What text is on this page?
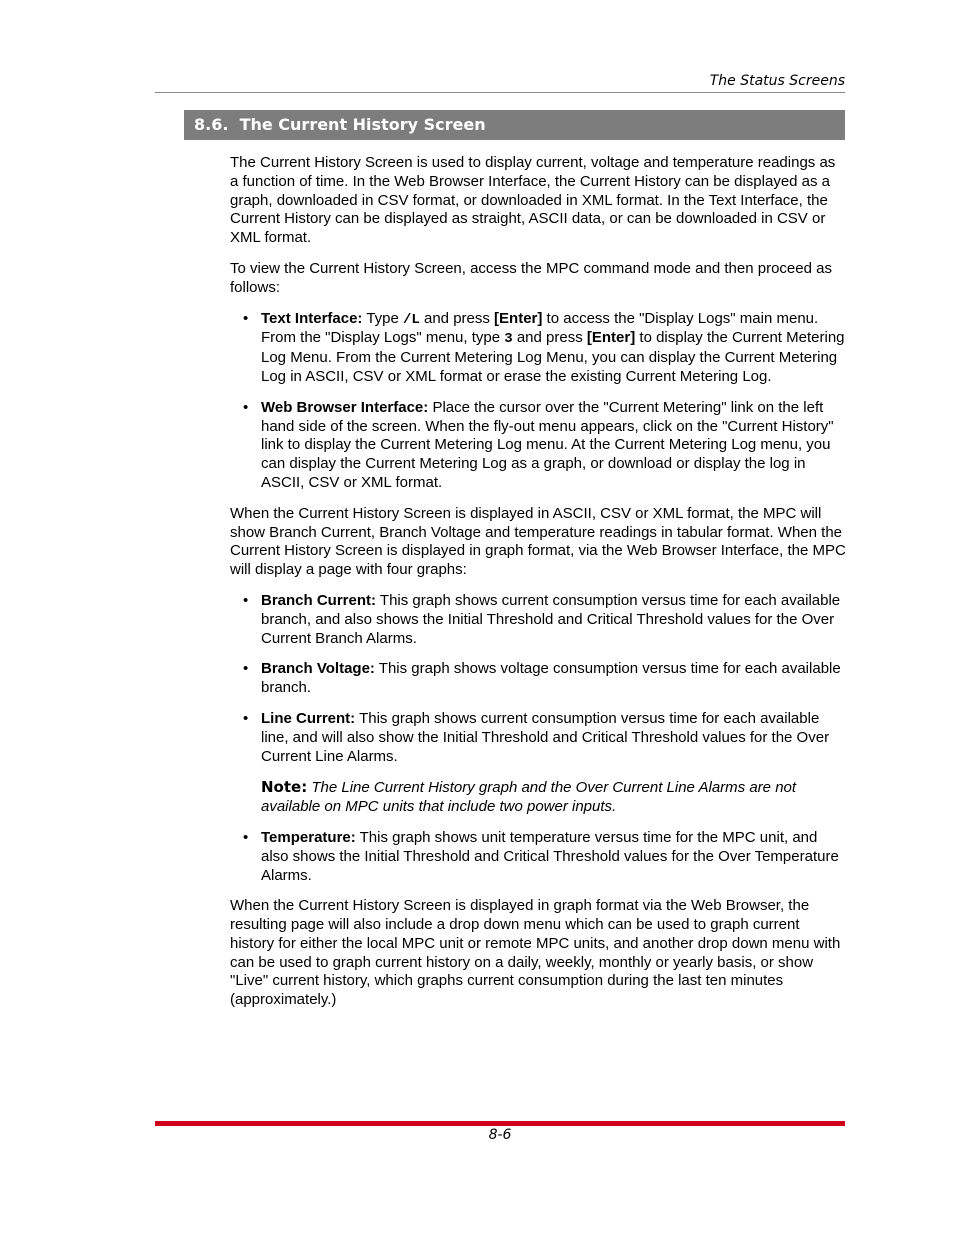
The Status Screens
8.6. The Current History Screen

The Current History Screen is used to display current, voltage and temperature readings as a function of time. In the Web Browser Interface, the Current History can be displayed as a graph, downloaded in CSV format, or downloaded in XML format. In the Text Interface, the Current History can be displayed as straight, ASCII data, or can be downloaded in CSV or XML format.

To view the Current History Screen, access the MPC command mode and then proceed as follows:

• Text Interface: Type /L and press [Enter] to access the "Display Logs" main menu. From the "Display Logs" menu, type 3 and press [Enter] to display the Current Metering Log Menu. From the Current Metering Log Menu, you can display the Current Metering Log in ASCII, CSV or XML format or erase the existing Current Metering Log.
• Web Browser Interface: Place the cursor over the "Current Metering" link on the left hand side of the screen. When the fly-out menu appears, click on the "Current History" link to display the Current Metering Log menu. At the Current Metering Log menu, you can display the Current Metering Log as a graph, or download or display the log in ASCII, CSV or XML format.

When the Current History Screen is displayed in ASCII, CSV or XML format, the MPC will show Branch Current, Branch Voltage and temperature readings in tabular format. When the Current History Screen is displayed in graph format, via the Web Browser Interface, the MPC will display a page with four graphs:

• Branch Current: This graph shows current consumption versus time for each available branch, and also shows the Initial Threshold and Critical Threshold values for the Over Current Branch Alarms.
• Branch Voltage: This graph shows voltage consumption versus time for each available branch.
• Line Current: This graph shows current consumption versus time for each available line, and will also show the Initial Threshold and Critical Threshold values for the Over Current Line Alarms.
Note: The Line Current History graph and the Over Current Line Alarms are not available on MPC units that include two power inputs.
• Temperature: This graph shows unit temperature versus time for the MPC unit, and also shows the Initial Threshold and Critical Threshold values for the Over Temperature Alarms.

When the Current History Screen is displayed in graph format via the Web Browser, the resulting page will also include a drop down menu which can be used to graph current history for either the local MPC unit or remote MPC units, and another drop down menu with can be used to graph current history on a daily, weekly, monthly or yearly basis, or show "Live" current history, which graphs current consumption during the last ten minutes (approximately.)

8-6
